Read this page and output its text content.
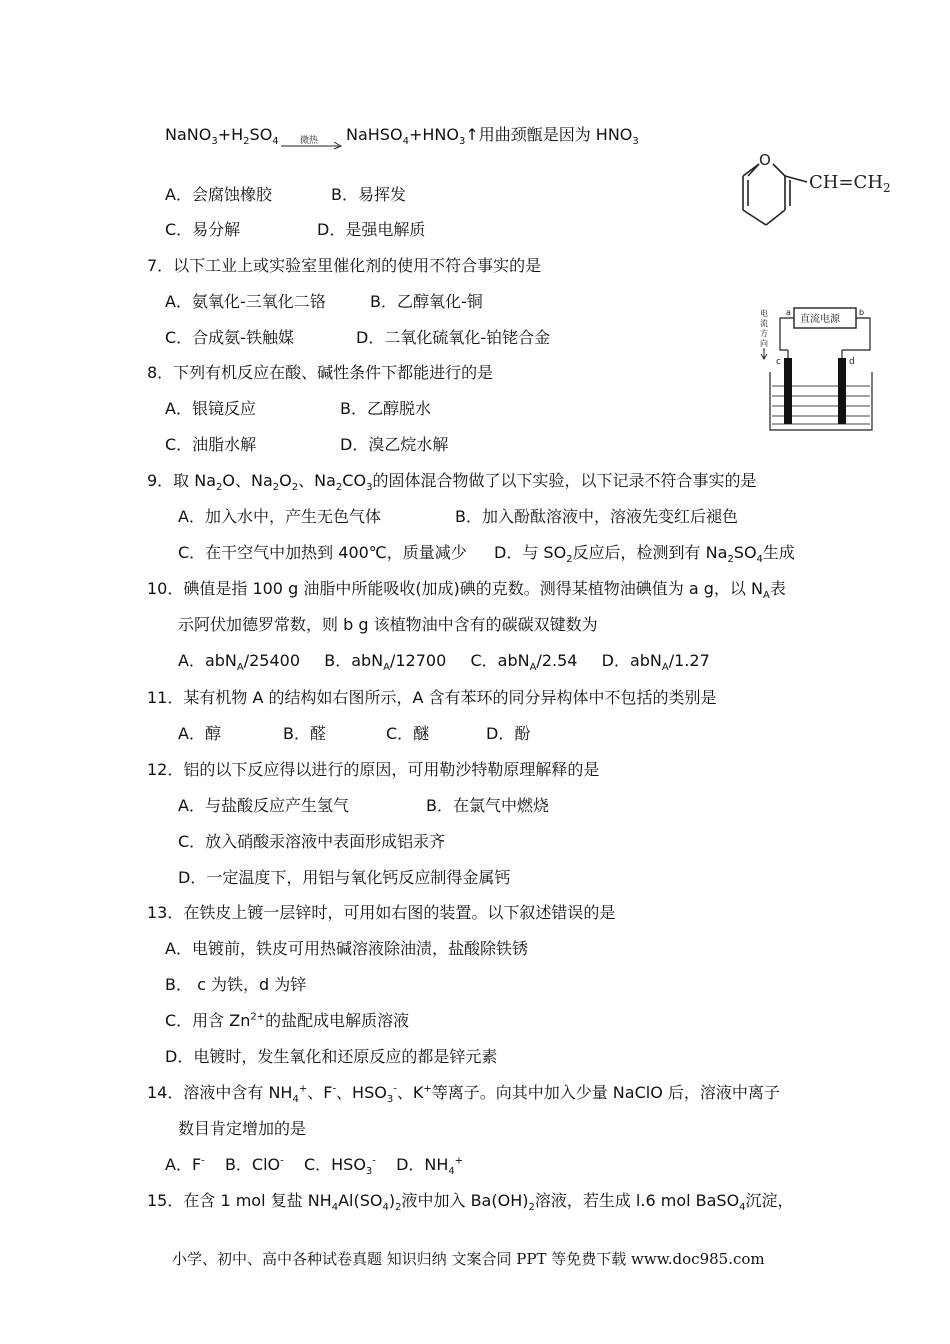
$NaNO_3+H_2SO_4$ 微热 → $NaHSO_4+HNO_3↑$用曲颈甑是因为 $HNO_3$
A．会腐蚀橡胶	B．易挥发
C．易分解	D．是强电解质
7．以下工业上或实验室里催化剂的使用不符合事实的是
A．氨氧化-三氧化二铬	B．乙醇氧化-铜
C．合成氨-铁触媒	D．二氧化硫氧化-铂铑合金
8．下列有机反应在酸、碱性条件下都能进行的是
A．银镜反应	B．乙醇脱水
C．油脂水解	D．溴乙烷水解
9．取 $Na_2O$、$Na_2O_2$、$Na_2CO_3$的固体混合物做了以下实验，以下记录不符合事实的是
A．加入水中，产生无色气体	B．加入酚酞溶液中，溶液先变红后褪色
C．在干空气中加热到 400℃，质量减少 D．与 $SO_2$反应后，检测到有 $Na_2SO_4$生成
10．碘值是指 100 g 油脂中所能吸收(加成)碘的克数。测得某植物油碘值为 a g，以 $N_A$表
示阿伏加德罗常数，则 b g 该植物油中含有的碳碳双键数为
A．abN$_A$/25400 B．abN$_A$/12700 C．abN$_A$/2.54 D．abN$_A$/1.27
11．某有机物 A 的结构如右图所示，A 含有苯环的同分异构体中不包括的类别是
A．醇	B．醛	C．醚	D．酚
12．铝的以下反应得以进行的原因，可用勒沙特勒原理解释的是
A．与盐酸反应产生氢气	B．在氯气中燃烧
C．放入硝酸汞溶液中表面形成铝汞齐
D．一定温度下，用铝与氧化钙反应制得金属钙
13．在铁皮上镀一层锌时，可用如右图的装置。以下叙述错误的是
A．电镀前，铁皮可用热碱溶液除油渍，盐酸除铁锈
B． c 为铁，d 为锌
C．用含 $Zn^{2+}$的盐配成电解质溶液
D．电镀时，发生氧化和还原反应的都是锌元素
14．溶液中含有 $NH_4^+$、F-、$HSO_3^-$、K+等离子。向其中加入少量 NaClO 后，溶液中离子
数目肯定增加的是
A．F- B．ClO- C．$HSO_3^-$ D．$NH_4^+$
15．在含 1 mol 复盐 $NH_4Al(SO_4)_2$液中加入 $Ba(OH)_2$溶液，若生成 l.6 mol BaSO$_4$沉淀，
O
$CH=CH_2$
电
流
方
向
直流电源
a	b
c	d
小学、初中、高中各种试卷真题 知识归纳 文案合同 PPT 等免费下载 www.doc985.com
